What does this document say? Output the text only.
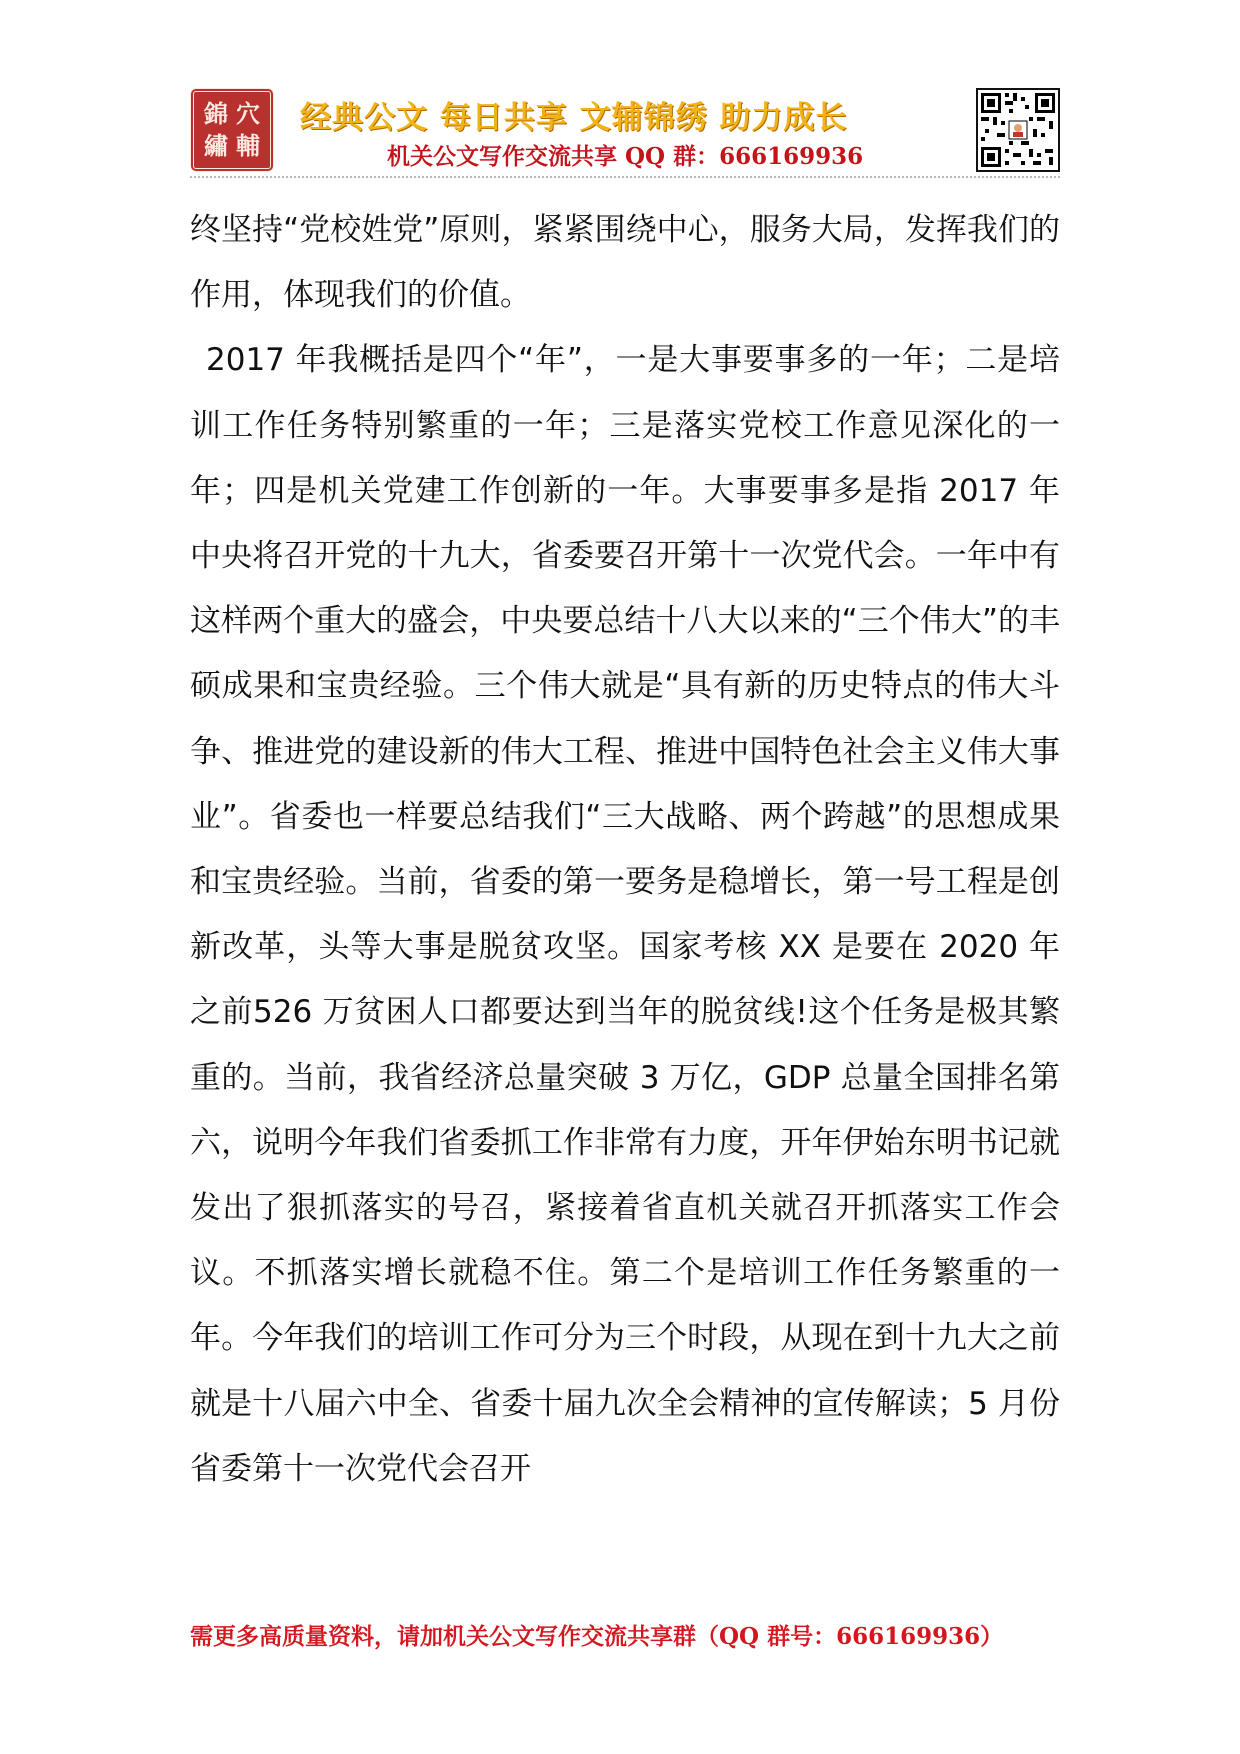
錦 穴
繡 輔
经典公文 每日共享 文辅锦绣 助力成长
机关公文写作交流共享 QQ 群：666169936

终坚持“党校姓党”原则，紧紧围绕中心，服务大局，发挥我们的作用，体现我们的价值。

2017 年我概括是四个“年”，一是大事要事多的一年；二是培训工作任务特别繁重的一年；三是落实党校工作意见深化的一年；四是机关党建工作创新的一年。大事要事多是指 2017 年中央将召开党的十九大，省委要召开第十一次党代会。一年中有这样两个重大的盛会，中央要总结十八大以来的“三个伟大”的丰硕成果和宝贵经验。三个伟大就是“具有新的历史特点的伟大斗争、推进党的建设新的伟大工程、推进中国特色社会主义伟大事业”。省委也一样要总结我们“三大战略、两个跨越”的思想成果和宝贵经验。当前，省委的第一要务是稳增长，第一号工程是创新改革，头等大事是脱贫攻坚。国家考核 XX 是要在 2020 年之前526 万贫困人口都要达到当年的脱贫线!这个任务是极其繁重的。当前，我省经济总量突破 3 万亿，GDP 总量全国排名第六，说明今年我们省委抓工作非常有力度，开年伊始东明书记就发出了狠抓落实的号召，紧接着省直机关就召开抓落实工作会议。不抓落实增长就稳不住。第二个是培训工作任务繁重的一年。今年我们的培训工作可分为三个时段，从现在到十九大之前就是十八届六中全、省委十届九次全会精神的宣传解读；5 月份省委第十一次党代会召开

需更多高质量资料，请加机关公文写作交流共享群（QQ 群号：666169936）
